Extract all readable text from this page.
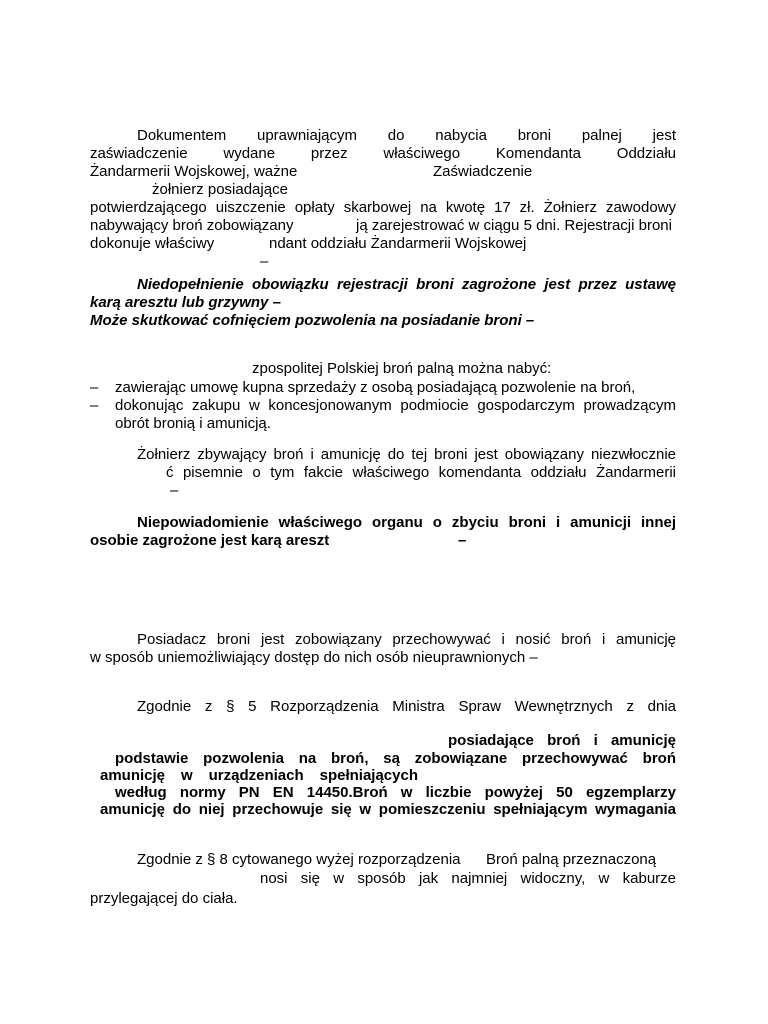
Dokumentem uprawniającym do nabycia broni palnej jest
zaświadczenie wydane przez właściwego Komendanta Oddziału
Żandarmerii Wojskowej, ważne	Zaświadczenie
żołnierz posiadające
potwierdzającego uiszczenie opłaty skarbowej na kwotę 17 zł. Żołnierz zawodowy
nabywający broń zobowiązany	ją zarejestrować w ciągu 5 dni. Rejestracji broni
dokonuje właściwy	ndant oddziału Żandarmerii Wojskowej
–
Niedopełnienie obowiązku rejestracji broni zagrożone jest przez ustawę
karą aresztu lub grzywny –
Może skutkować cofnięciem pozwolenia na posiadanie broni –
zpospolitej Polskiej broń palną można nabyć:
–	zawierając umowę kupna sprzedaży z osobą posiadającą pozwolenie na broń,
–	dokonując zakupu w koncesjonowanym podmiocie gospodarczym prowadzącym
obrót bronią i amunicją.
Żołnierz zbywający broń i amunicję do tej broni jest obowiązany niezwłocznie
ć pisemnie o tym fakcie właściwego komendanta oddziału Żandarmerii
–
Niepowiadomienie właściwego organu o zbyciu broni i amunicji innej
osobie zagrożone jest karą areszt	–
Posiadacz broni jest zobowiązany przechowywać i nosić broń i amunicję
w sposób uniemożliwiający dostęp do nich osób nieuprawnionych –
Zgodnie z § 5 Rozporządzenia Ministra Spraw Wewnętrznych z dnia
posiadające broń i amunicję
podstawie pozwolenia na broń, są zobowiązane przechowywać broń
amunicję w urządzeniach spełniających
według normy PN EN 14450.Broń w liczbie powyżej 50 egzemplarzy
amunicję do niej przechowuje się w pomieszczeniu spełniającym wymagania
Zgodnie z § 8 cytowanego wyżej rozporządzenia Broń palną przeznaczoną
nosi się w sposób jak najmniej widoczny, w kaburze
przylegającej do ciała.
